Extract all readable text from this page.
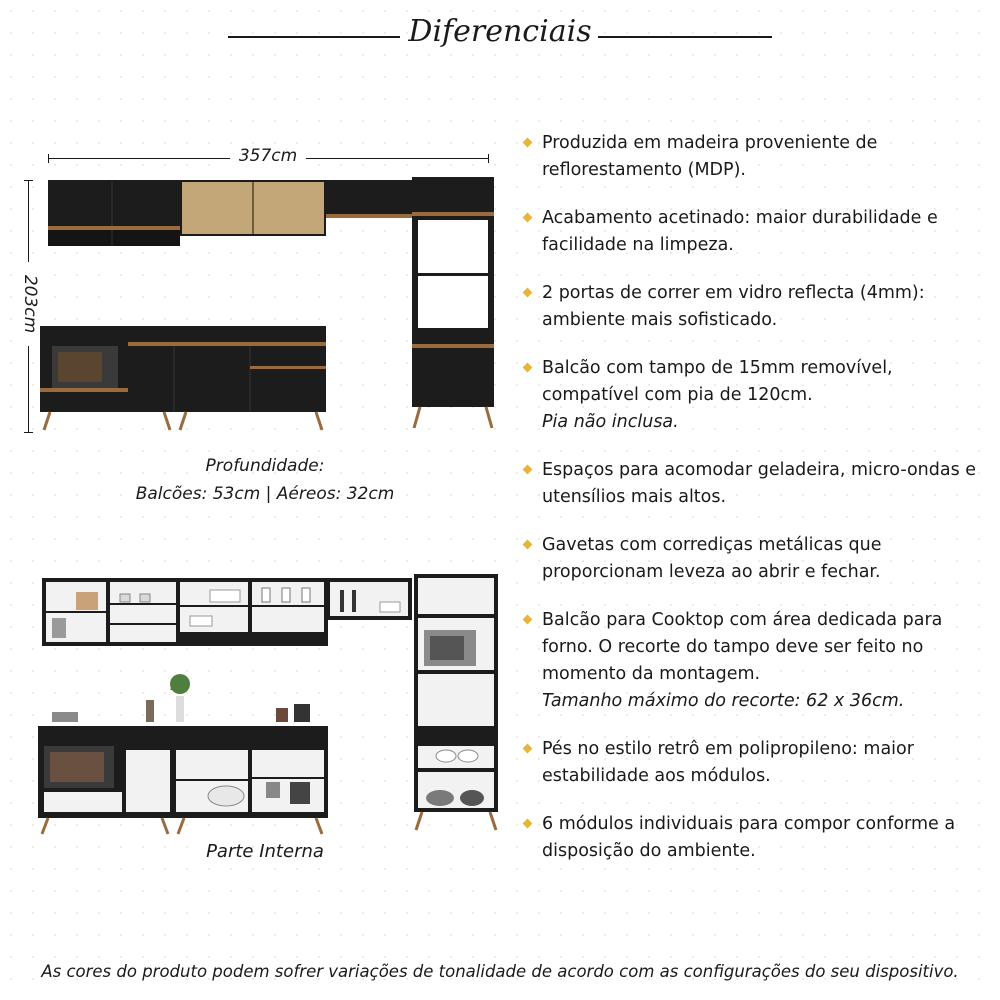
Diferenciais
357cm
203cm
Profundidade:
Balcões: 53cm | Aéreos: 32cm
Parte Interna
Produzida em madeira proveniente de reflorestamento (MDP).
Acabamento acetinado: maior durabilidade e facilidade na limpeza.
2 portas de correr em vidro reflecta (4mm): ambiente mais sofisticado.
Balcão com tampo de 15mm removível, compatível com pia de 120cm.
Pia não inclusa.
Espaços para acomodar geladeira, micro-ondas e utensílios mais altos.
Gavetas com corrediças metálicas que proporcionam leveza ao abrir e fechar.
Balcão para Cooktop com área dedicada para forno. O recorte do tampo deve ser feito no momento da montagem.
Tamanho máximo do recorte: 62 x 36cm.
Pés no estilo retrô em polipropileno: maior estabilidade aos módulos.
6 módulos individuais para compor conforme a disposição do ambiente.
As cores do produto podem sofrer variações de tonalidade de acordo com as configurações do seu dispositivo.
